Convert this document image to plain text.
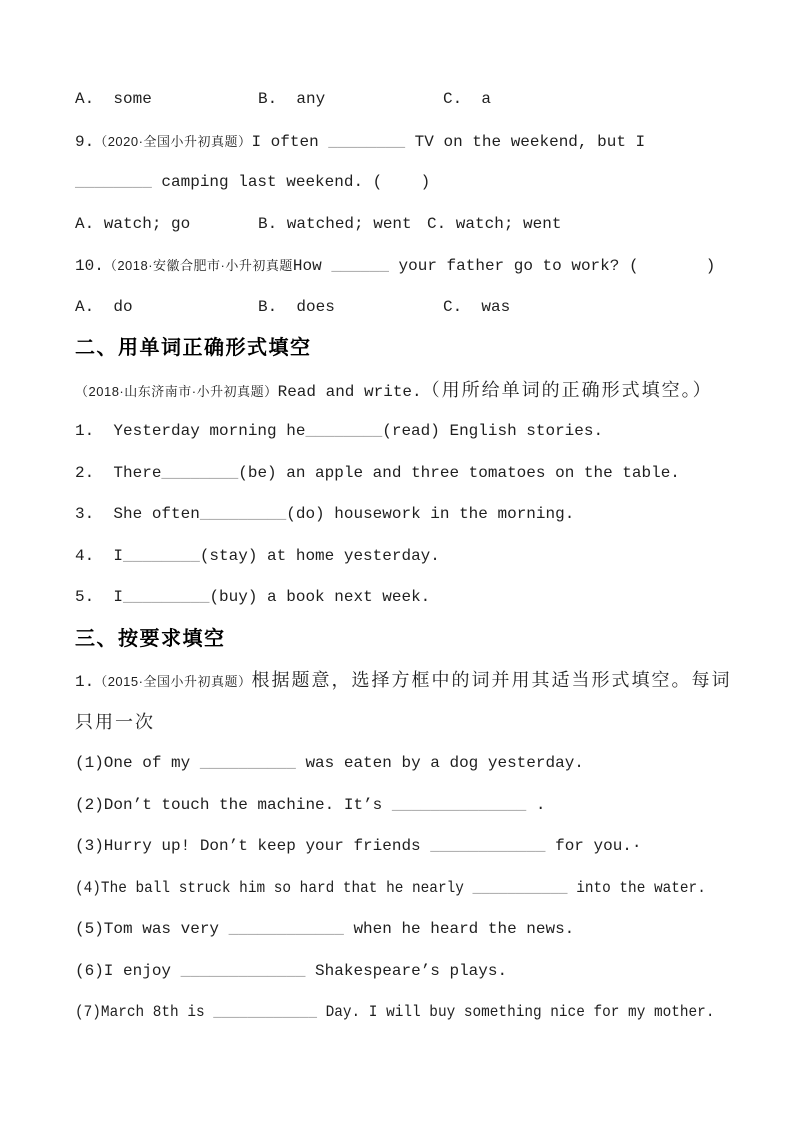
A.  some	B.  any	C.  a
9.（2020·全国小升初真题）I often ________ TV on the weekend, but I
________ camping last weekend. (    )
A. watch; go	B. watched; went C. watch; went
10.（2018·安徽合肥市·小升初真题How ______ your father go to work? (       )
A.  do	B.  does	C.  was
二、用单词正确形式填空
（2018·山东济南市·小升初真题）Read and write.（用所给单词的正确形式填空。）
1.  Yesterday morning he________(read) English stories.
2.  There________(be) an apple and three tomatoes on the table.
3.  She often_________(do) housework in the morning.
4.  I________(stay) at home yesterday.
5.  I_________(buy) a book next week.
三、按要求填空
1.（2015·全国小升初真题）根据题意，选择方框中的词并用其适当形式填空。每词
只用一次
(1)One of my __________ was eaten by a dog yesterday.
(2)Don’t touch the machine. It’s ______________ .
(3)Hurry up! Don’t keep your friends ____________ for you.·
(4)The ball struck him so hard that he nearly ___________ into the water.
(5)Tom was very ____________ when he heard the news.
(6)I enjoy _____________ Shakespeare’s plays.
(7)March 8th is ____________ Day. I will buy something nice for my mother.
